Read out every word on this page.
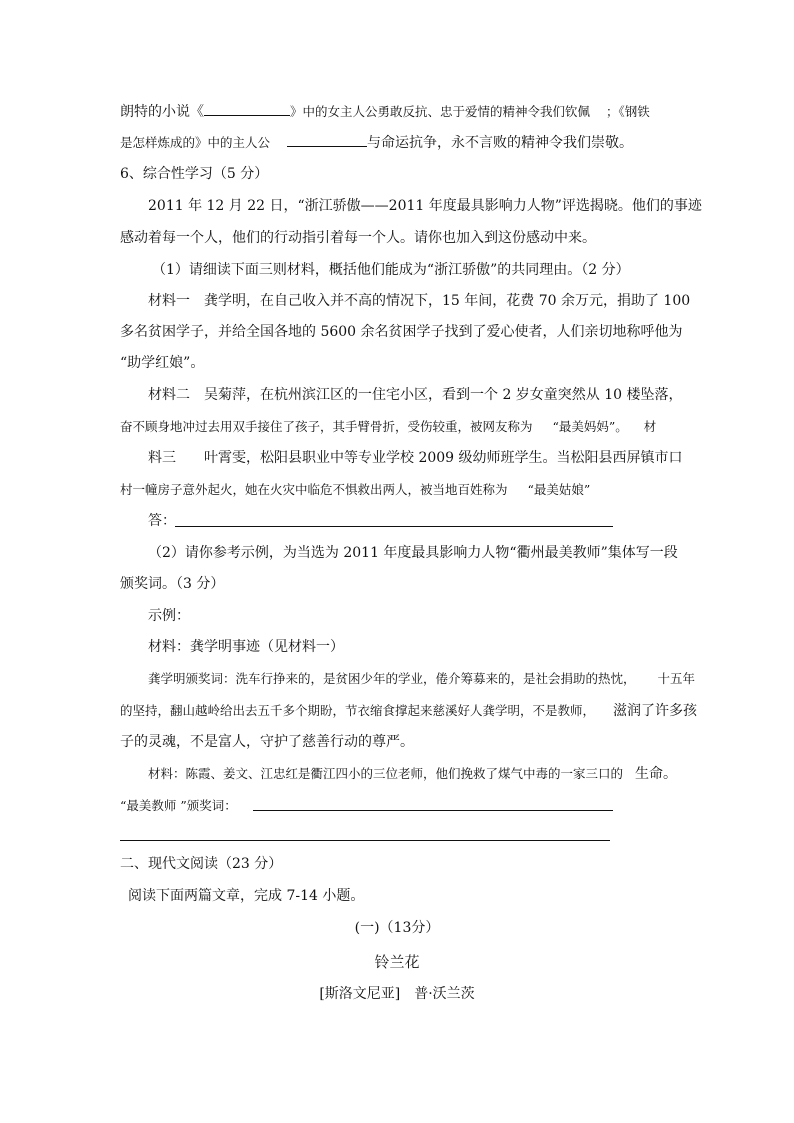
朗特的小说《	》中的女主人公勇敢反抗、忠于爱情的精神令我们钦佩 ；《钢铁
是怎样炼成的》中的主人公	与命运抗争，永不言败的精神令我们崇敬。
6、综合性学习（5 分）
2011 年 12 月 22 日，“浙江骄傲——2011 年度最具影响力人物”评选揭晓。他们的事迹
感动着每一个人，他们的行动指引着每一个人。请你也加入到这份感动中来。
（1）请细读下面三则材料，概括他们能成为“浙江骄傲”的共同理由。（2 分）
材料一　龚学明，在自己收入并不高的情况下，15 年间，花费 70 余万元，捐助了 100
多名贫困学子，并给全国各地的 5600 余名贫困学子找到了爱心使者，人们亲切地称呼他为
“助学红娘”。
材料二　吴菊萍，在杭州滨江区的一住宅小区，看到一个 2 岁女童突然从 10 楼坠落，
奋不顾身地冲过去用双手接住了孩子，其手臂骨折，受伤较重，被网友称为 “最美妈妈”。 材
料三　　叶霄雯，松阳县职业中等专业学校 2009 级幼师班学生。当松阳县西屏镇市口
村一幢房子意外起火，她在火灾中临危不惧救出两人，被当地百姓称为 “最美姑娘”
答：
（2）请你参考示例，为当选为 2011 年度最具影响力人物“衢州最美教师”集体写一段
颁奖词。（3 分）
示例：
材料：龚学明事迹（见材料一）
龚学明颁奖词：洗车行挣来的，是贫困少年的学业，倦介筹募来的，是社会捐助的热忱， 十五年
的坚持，翻山越岭给出去五千多个期盼，节衣缩食撑起来慈溪好人龚学明，不是教师， 滋润了许多孩
子的灵魂，不是富人，守护了慈善行动的尊严。
材料：陈霞、姜文、江忠红是衢江四小的三位老师，他们挽救了煤气中毒的一家三口的 生命。
“最美教师 ”颁奖词：
二、现代文阅读（23 分）
阅读下面两篇文章，完成 7-14 小题。
(一)（13分）
铃兰花
[斯洛文尼亚]　普·沃兰茨
